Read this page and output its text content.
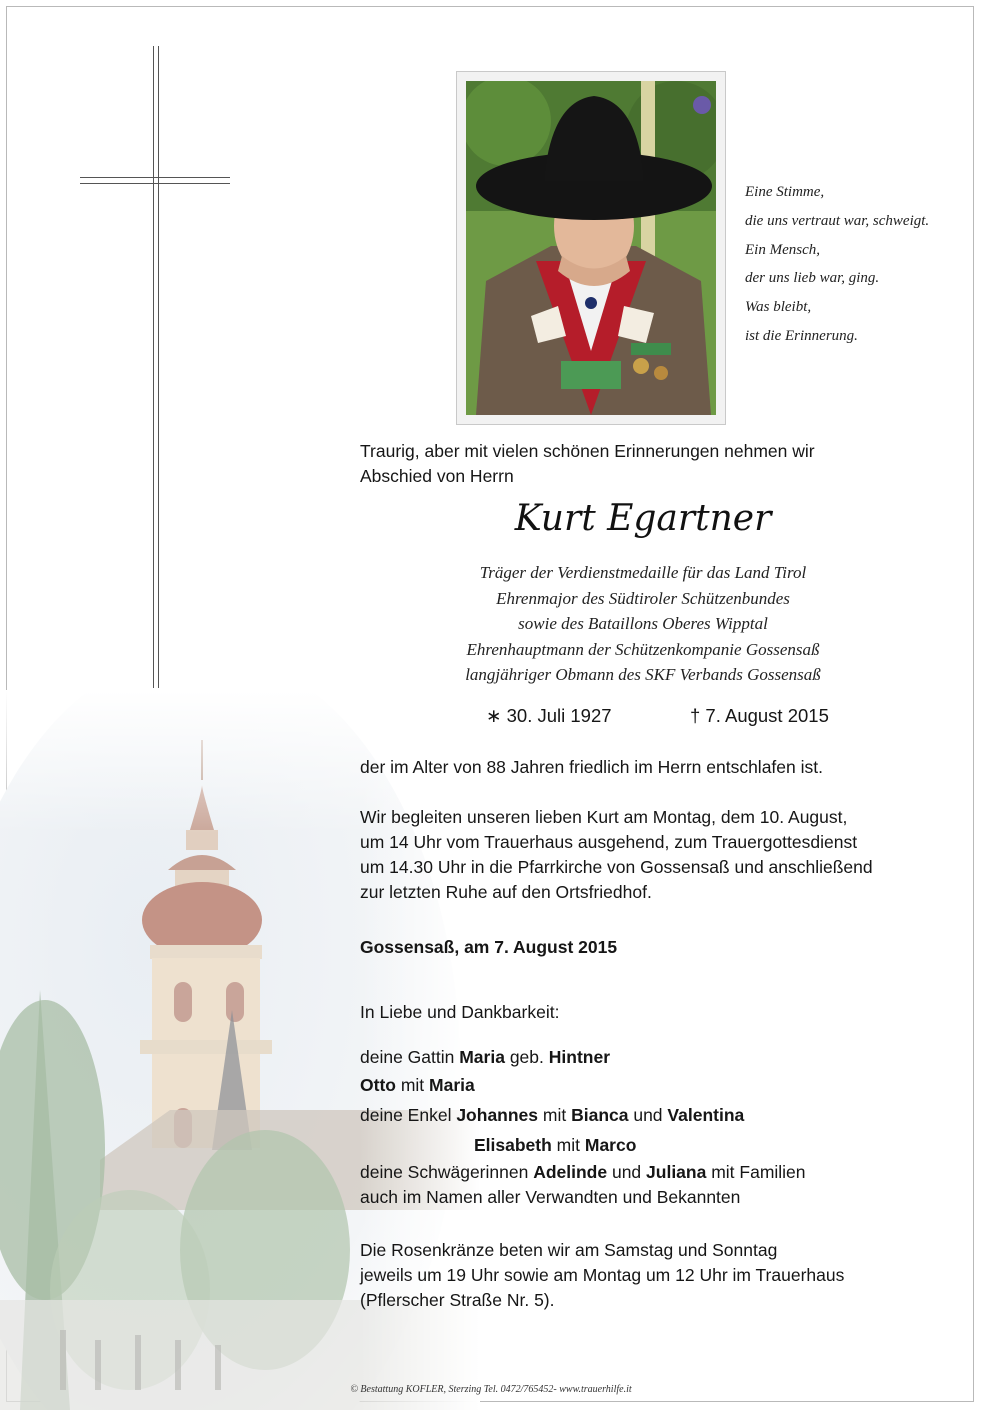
Eine Stimme,
die uns vertraut war, schweigt.
Ein Mensch,
der uns lieb war, ging.
Was bleibt,
ist die Erinnerung.
Traurig, aber mit vielen schönen Erinnerungen nehmen wir
Abschied von Herrn
Kurt Egartner
Träger der Verdienstmedaille für das Land Tirol
Ehrenmajor des Südtiroler Schützenbundes
sowie des Bataillons Oberes Wipptal
Ehrenhauptmann der Schützenkompanie Gossensaß
langjähriger Obmann des SKF Verbands Gossensaß
∗ 30. Juli 1927	† 7. August 2015
der im Alter von 88 Jahren friedlich im Herrn entschlafen ist.
Wir begleiten unseren lieben Kurt am Montag, dem 10. August,
um 14 Uhr vom Trauerhaus ausgehend, zum Trauergottesdienst
um 14.30 Uhr in die Pfarrkirche von Gossensaß und anschließend
zur letzten Ruhe auf den Ortsfriedhof.
Gossensaß, am 7. August 2015
In Liebe und Dankbarkeit:
deine Gattin Maria geb. Hintner
Otto mit Maria
deine Enkel Johannes mit Bianca und Valentina
Elisabeth mit Marco
deine Schwägerinnen Adelinde und Juliana mit Familien
auch im Namen aller Verwandten und Bekannten
Die Rosenkränze beten wir am Samstag und Sonntag
jeweils um 19 Uhr sowie am Montag um 12 Uhr im Trauerhaus
(Pflerscher Straße Nr. 5).
© Bestattung KOFLER, Sterzing Tel. 0472/765452- www.trauerhilfe.it
